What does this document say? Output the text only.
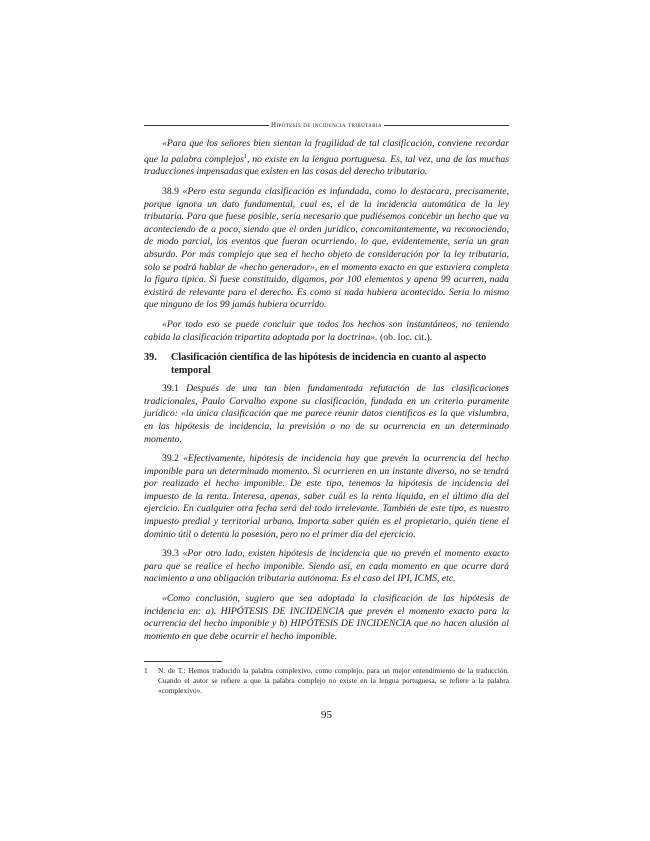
Hipótesis de incidencia tributaria

«Para que los señores bien sientan la fragilidad de tal clasificación, conviene recordar que la palabra complejos$^1$, no existe en la lengua portuguesa. Es, tal vez, una de las muchas traducciones impensadas que existen en las cosas del derecho tributario.

38.9 «Pero esta segunda clasificación es infundada, como lo destacara, precisamente, porque ignora un dato fundamental, cual es, el de la incidencia automática de la ley tributaria. Para que fuese posible, sería necesario que pudiésemos concebir un hecho que va aconteciendo de a poco, siendo que el orden jurídico, concomitantemente, va reconociendo, de modo parcial, los eventos que fueran ocurriendo, lo que, evidentemente, sería un gran absurdo. Por más complejo que sea el hecho objeto de consideración por la ley tributaria, solo se podrá hablar de «hecho generador», en el momento exacto en que estuviera completa la figura típica. Si fuese constituido, digamos, por 100 elementos y apena 99 acurren, nada existirá de relevante para el derecho. Es como si nada hubiera acontecido. Sería lo mismo que ninguno de los 99 jamás hubiera ocurrido.

«Por todo eso se puede concluir que todos los hechos son instantáneos, no teniendo cabida la clasificación tripartita adoptada por la doctrina». (ob. loc. cit.).

39.	Clasificación científica de las hipótesis de incidencia en cuanto al aspecto temporal

39.1 Después de una tan bien fundamentada refutación de las clasificaciones tradicionales, Paulo Carvalho expone su clasificación, fundada en un criterio puramente jurídico: «la única clasificación que me parece reunir datos científicos es la que vislumbra, en las hipótesis de incidencia, la previsión o no de su ocurrencia en un determinado momento.

39.2 «Efectivamente, hipótesis de incidencia hay que prevén la ocurrencia del hecho imponible para un determinado momento. Si ocurrieren en un instante diverso, no se tendrá por realizado el hecho imponible. De este tipo, tenemos la hipótesis de incidencia del impuesto de la renta. Interesa, apenas, saber cuál es la renta líquida, en el último día del ejercicio. En cualquier otra fecha será del todo irrelevante. También de este tipo, es nuestro impuesto predial y territorial urbano. Importa saber quién es el propietario, quién tiene el dominio útil o detenta la posesión, pero no el primer día del ejercicio.

39.3 «Por otro lado, existen hipótesis de incidencia que no prevén el momento exacto para que se realice el hecho imponible. Siendo así, en cada momento en que ocurre dará nacimiento a una obligación tributaria autónoma. Es el caso del IPI, ICMS, etc.

«Como conclusión, sugiero que sea adoptada la clasificación de las hipótesis de incidencia en: a). HIPÓTESIS DE INCIDENCIA que prevén el momento exacto para la ocurrencia del hecho imponible y b) HIPÓTESIS DE INCIDENCIA que no hacen alusión al momento en que debe ocurrir el hecho imponible.

1	N. de T.: Hemos traducido la palabra complexivo, como complejo, para un mejor entendimiento de la traducción. Cuando el autor se refiere a que la palabra complejo no existe en la lengua portuguesa, se refiere a la palabra «complexivo».
95
